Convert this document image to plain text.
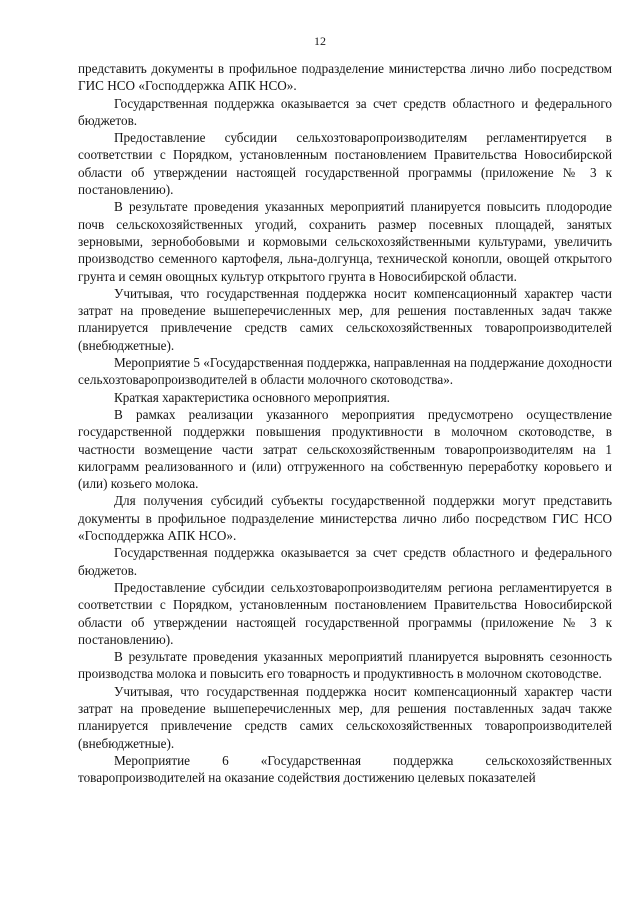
12

представить документы в профильное подразделение министерства лично либо посредством ГИС НСО «Господдержка АПК НСО».

Государственная поддержка оказывается за счет средств областного и федерального бюджетов.

Предоставление субсидии сельхозтоваропроизводителям регламентируется в соответствии с Порядком, установленным постановлением Правительства Новосибирской области об утверждении настоящей государственной программы (приложение № 3 к постановлению).

В результате проведения указанных мероприятий планируется повысить плодородие почв сельскохозяйственных угодий, сохранить размер посевных площадей, занятых зерновыми, зернобобовыми и кормовыми сельскохозяйственными культурами, увеличить производство семенного картофеля, льна-долгунца, технической конопли, овощей открытого грунта и семян овощных культур открытого грунта в Новосибирской области.

Учитывая, что государственная поддержка носит компенсационный характер части затрат на проведение вышеперечисленных мер, для решения поставленных задач также планируется привлечение средств самих сельскохозяйственных товаропроизводителей (внебюджетные).

Мероприятие 5 «Государственная поддержка, направленная на поддержание доходности сельхозтоваропроизводителей в области молочного скотоводства».

Краткая характеристика основного мероприятия.

В рамках реализации указанного мероприятия предусмотрено осуществление государственной поддержки повышения продуктивности в молочном скотоводстве, в частности возмещение части затрат сельскохозяйственным товаропроизводителям на 1 килограмм реализованного и (или) отгруженного на собственную переработку коровьего и (или) козьего молока.

Для получения субсидий субъекты государственной поддержки могут представить документы в профильное подразделение министерства лично либо посредством ГИС НСО «Господдержка АПК НСО».

Государственная поддержка оказывается за счет средств областного и федерального бюджетов.

Предоставление субсидии сельхозтоваропроизводителям региона регламентируется в соответствии с Порядком, установленным постановлением Правительства Новосибирской области об утверждении настоящей государственной программы (приложение № 3 к постановлению).

В результате проведения указанных мероприятий планируется выровнять сезонность производства молока и повысить его товарность и продуктивность в молочном скотоводстве.

Учитывая, что государственная поддержка носит компенсационный характер части затрат на проведение вышеперечисленных мер, для решения поставленных задач также планируется привлечение средств самих сельскохозяйственных товаропроизводителей (внебюджетные).

Мероприятие 6 «Государственная поддержка сельскохозяйственных товаропроизводителей на оказание содействия достижению целевых показателей
